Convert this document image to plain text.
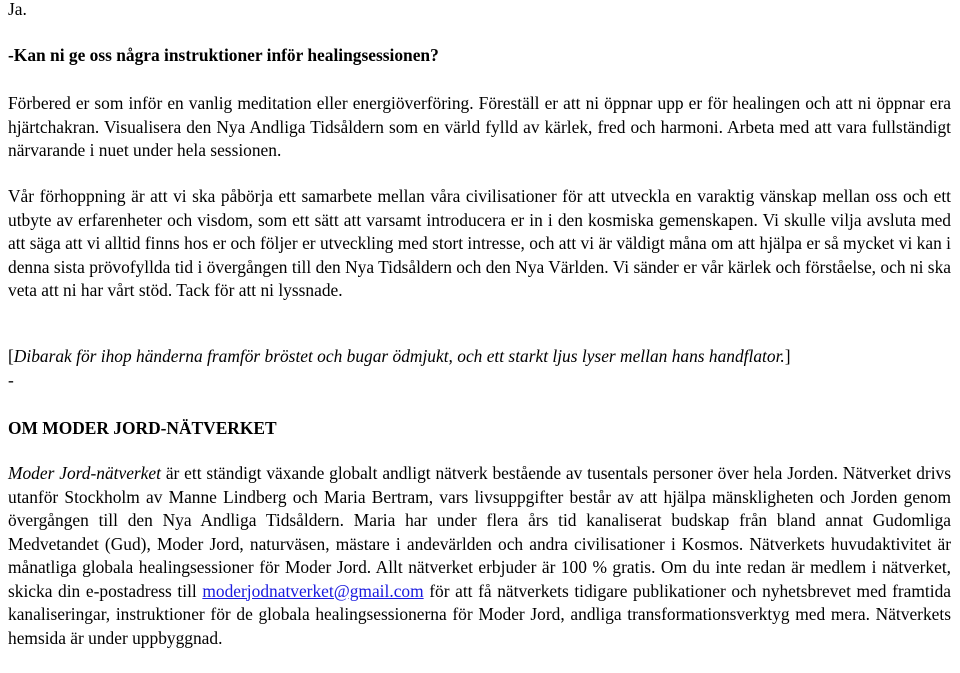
Ja.

-Kan ni ge oss några instruktioner inför healingsessionen?

Förbered er som inför en vanlig meditation eller energiöverföring. Föreställ er att ni öppnar upp er för healingen och att ni öppnar era hjärtchakran. Visualisera den Nya Andliga Tidsåldern som en värld fylld av kärlek, fred och harmoni. Arbeta med att vara fullständigt närvarande i nuet under hela sessionen.

Vår förhoppning är att vi ska påbörja ett samarbete mellan våra civilisationer för att utveckla en varaktig vänskap mellan oss och ett utbyte av erfarenheter och visdom, som ett sätt att varsamt introducera er in i den kosmiska gemenskapen. Vi skulle vilja avsluta med att säga att vi alltid finns hos er och följer er utveckling med stort intresse, och att vi är väldigt måna om att hjälpa er så mycket vi kan i denna sista prövofyllda tid i övergången till den Nya Tidsåldern och den Nya Världen. Vi sänder er vår kärlek och förståelse, och ni ska veta att ni har vårt stöd. Tack för att ni lyssnade.

[Dibarak för ihop händerna framför bröstet och bugar ödmjukt, och ett starkt ljus lyser mellan hans handflator.]

-

OM MODER JORD-NÄTVERKET

Moder Jord-nätverket är ett ständigt växande globalt andligt nätverk bestående av tusentals personer över hela Jorden. Nätverket drivs utanför Stockholm av Manne Lindberg och Maria Bertram, vars livsuppgifter består av att hjälpa mänskligheten och Jorden genom övergången till den Nya Andliga Tidsåldern. Maria har under flera års tid kanaliserat budskap från bland annat Gudomliga Medvetandet (Gud), Moder Jord, naturväsen, mästare i andevärlden och andra civilisationer i Kosmos. Nätverkets huvudaktivitet är månatliga globala healingsessioner för Moder Jord. Allt nätverket erbjuder är 100 % gratis. Om du inte redan är medlem i nätverket, skicka din e-postadress till moderjodnatverket@gmail.com för att få nätverkets tidigare publikationer och nyhetsbrevet med framtida kanaliseringar, instruktioner för de globala healingsessionerna för Moder Jord, andliga transformationsverktyg med mera. Nätverkets hemsida är under uppbyggnad.
